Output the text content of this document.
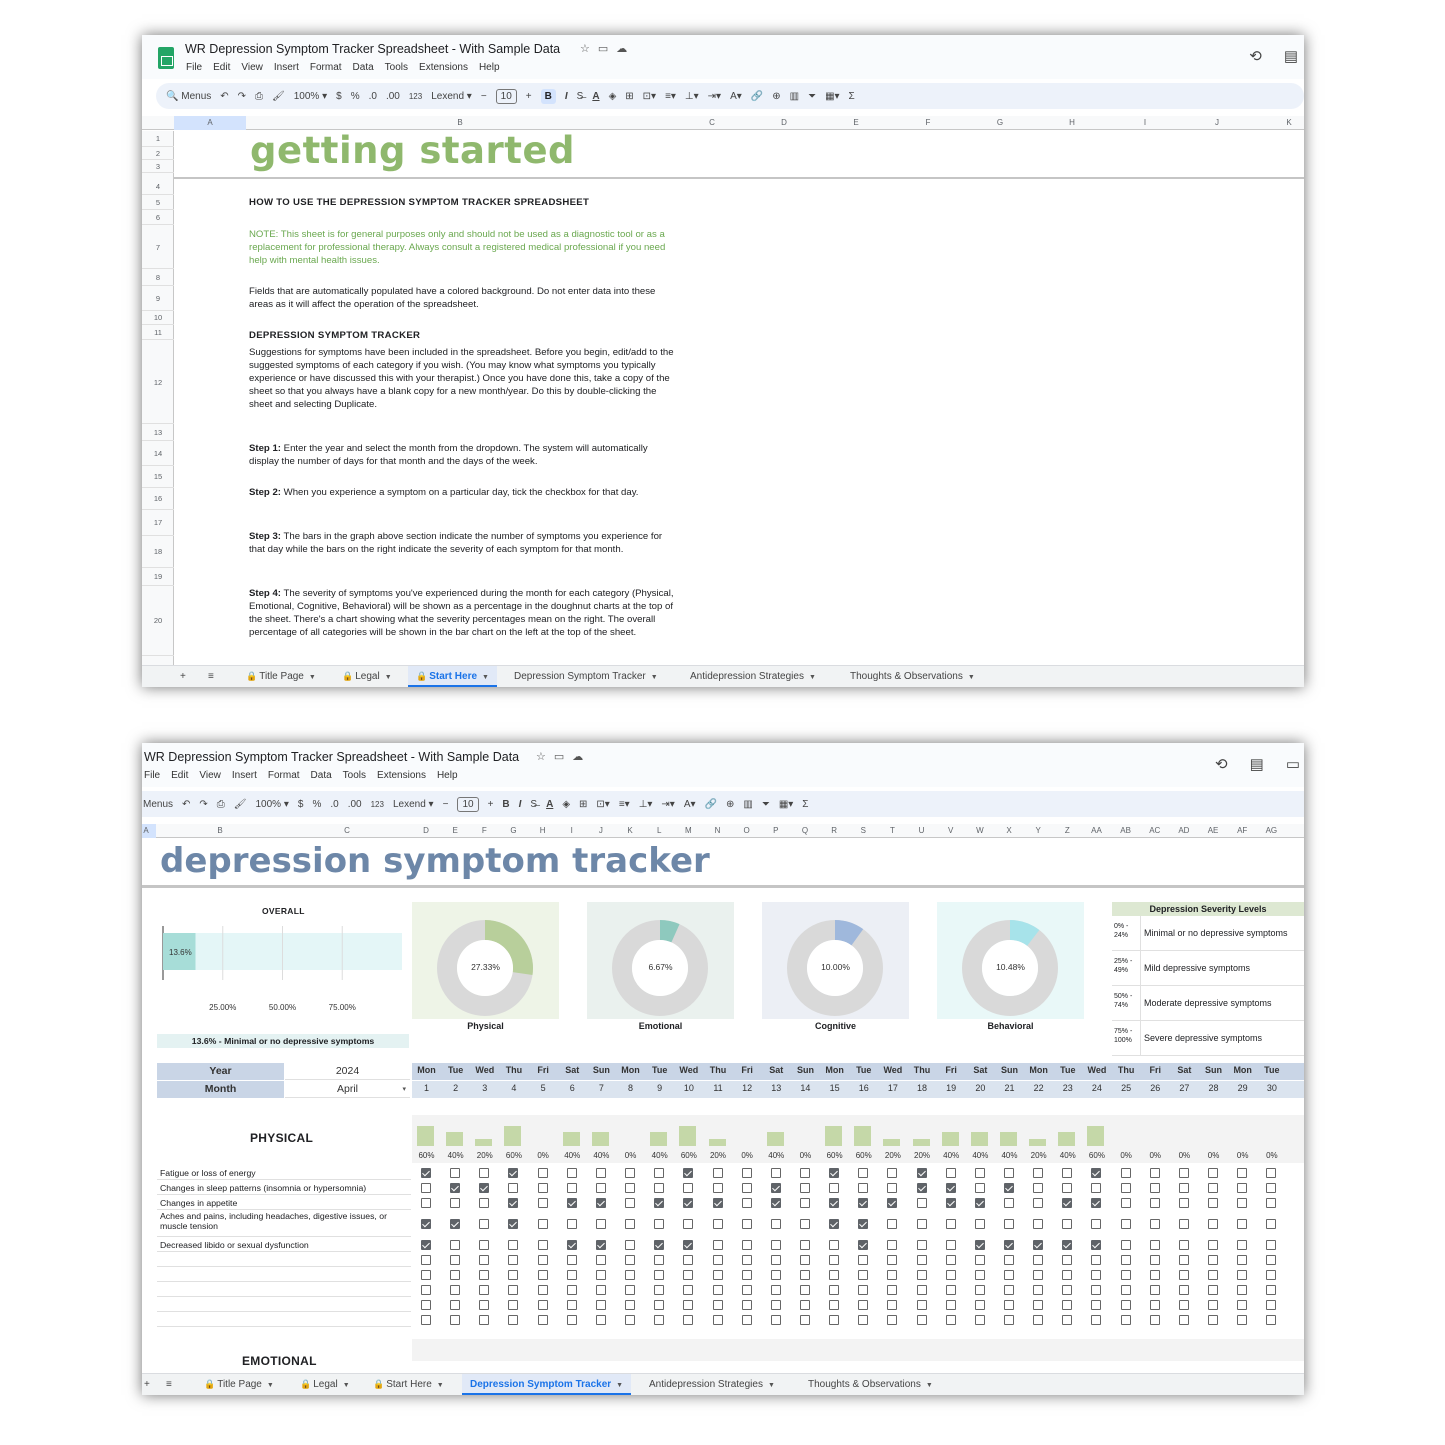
WR Depression Symptom Tracker Spreadsheet - With Sample Data ☆▭☁
File Edit View Insert Format Data Tools Extensions Help
⟲ ▤
🔍 Menus ↶ ↷ ⎙ 🖌 100% ▾ $ % .0 .00 123 Lexend ▾ −	10	+	B	I S̶ A ◈ ⊞ ⊡▾ ≡▾ ⊥▾ ⇥▾ A▾ 🔗 ⊕ ▥ ⏷ ▦▾ Σ
A	B	C	D	E	F	G	H	I	J	K
1
2
3
4
5
6
7
8
9
10
11
12
13
14
15
16
17
18
19
20
getting started
HOW TO USE THE DEPRESSION SYMPTOM TRACKER SPREADSHEET
NOTE: This sheet is for general purposes only and should not be used as a diagnostic tool or as a replacement for professional therapy. Always consult a registered medical professional if you need help with mental health issues.
Fields that are automatically populated have a colored background. Do not enter data into these areas as it will affect the operation of the spreadsheet.
DEPRESSION SYMPTOM TRACKER
Suggestions for symptoms have been included in the spreadsheet. Before you begin, edit/add to the suggested symptoms of each category if you wish. (You may know what symptoms you typically experience or have discussed this with your therapist.) Once you have done this, take a copy of the sheet so that you always have a blank copy for a new month/year. Do this by double-clicking the sheet and selecting Duplicate.
Step 1: Enter the year and select the month from the dropdown. The system will automatically display the number of days for that month and the days of the week.
Step 2: When you experience a symptom on a particular day, tick the checkbox for that day.
Step 3: The bars in the graph above section indicate the number of symptoms you experience for that day while the bars on the right indicate the severity of each symptom for that month.
Step 4: The severity of symptoms you've experienced during the month for each category (Physical, Emotional, Cognitive, Behavioral) will be shown as a percentage in the doughnut charts at the top of the sheet. There's a chart showing what the severity percentages mean on the right. The overall percentage of all categories will be shown in the bar chart on the left at the top of the sheet.
+	≡	🔒 Title Page ▼	🔒 Legal ▼	🔒 Start Here ▼	Depression Symptom Tracker ▼	Antidepression Strategies ▼	Thoughts & Observations ▼
WR Depression Symptom Tracker Spreadsheet - With Sample Data ☆▭☁
File Edit View Insert Format Data Tools Extensions Help
⟲ ▤ ▭
Menus ↶ ↷ ⎙ 🖌 100% ▾ $ % .0 .00 123 Lexend ▾ −	10	+ B I S̶ A ◈ ⊞ ⊡▾ ≡▾ ⊥▾ ⇥▾ A▾ 🔗 ⊕ ▥ ⏷ ▦▾ Σ
A	B	C	D	E	F	G	H	I	J	K	L	M	N	O	P	Q	R	S	T	U	V	W	X	Y	Z	AA AB AC AD AE AF AG
depression symptom tracker
OVERALL
13.6%
25.00%	50.00%	75.00%
13.6% - Minimal or no depressive symptoms
27.33%
Physical
6.67%
Emotional
10.00%
Cognitive
10.48%
Behavioral
Depression Severity Levels
0% - 24%	Minimal or no depressive symptoms
25% - 49%	Mild depressive symptoms
50% - 74%	Moderate depressive symptoms
75% - 100%	Severe depressive symptoms
Year	2024
Month	April	▾
Mon	Tue	Wed	Thu	Fri	Sat	Sun	Mon	Tue	Wed	Thu	Fri	Sat	Sun	Mon	Tue	Wed	Thu	Fri	Sat	Sun	Mon	Tue	Wed	Thu	Fri	Sat	Sun	Mon	Tue
1	2	3	4	5	6	7	8	9	10	11	12	13	14	15	16	17	18	19	20	21	22	23	24	25	26	27	28	29	30
PHYSICAL
60%	40%	20%	60%	0%	40%	40%	0%	40%	60%	20%	0%	40%	0%	60%	60%	20%	20%	40%	40%	40%	20%	40%	60%	0%	0%	0%	0%	0%	0%
Fatigue or loss of energy
Changes in sleep patterns (insomnia or hypersomnia)
Changes in appetite
Aches and pains, including headaches, digestive issues, or muscle tension
Decreased libido or sexual dysfunction
EMOTIONAL
+	≡	🔒 Title Page ▼	🔒 Legal ▼	🔒 Start Here ▼	Depression Symptom Tracker ▼	Antidepression Strategies ▼	Thoughts & Observations ▼
